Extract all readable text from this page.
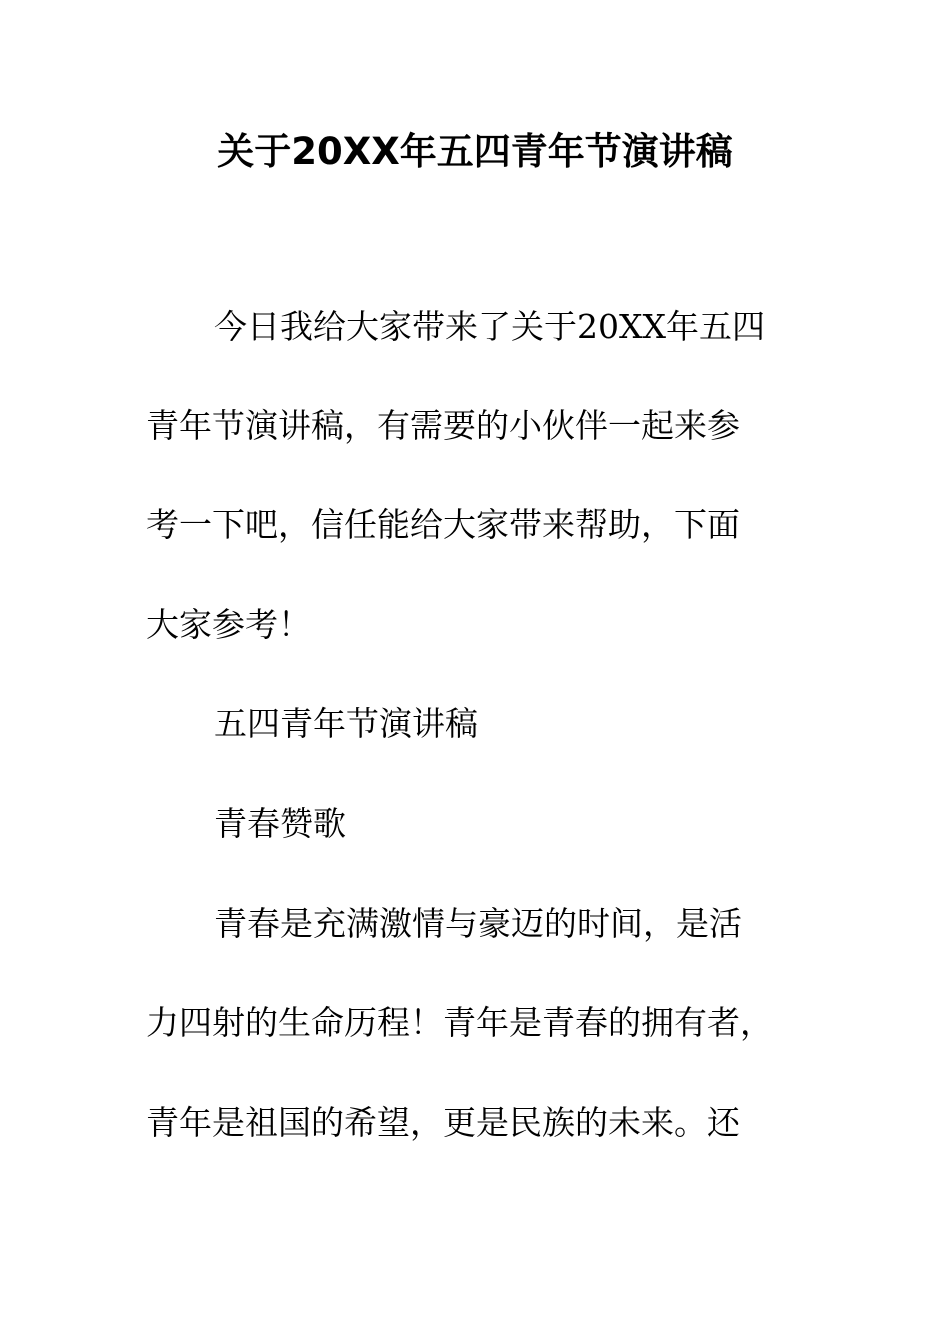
关于20XX年五四青年节演讲稿
今日我给大家带来了关于20XX年五四
青年节演讲稿，有需要的小伙伴一起来参
考一下吧，信任能给大家带来帮助，下面
大家参考！
五四青年节演讲稿
青春赞歌
青春是充满激情与豪迈的时间，是活
力四射的生命历程！青年是青春的拥有者，
青年是祖国的希望，更是民族的未来。还
